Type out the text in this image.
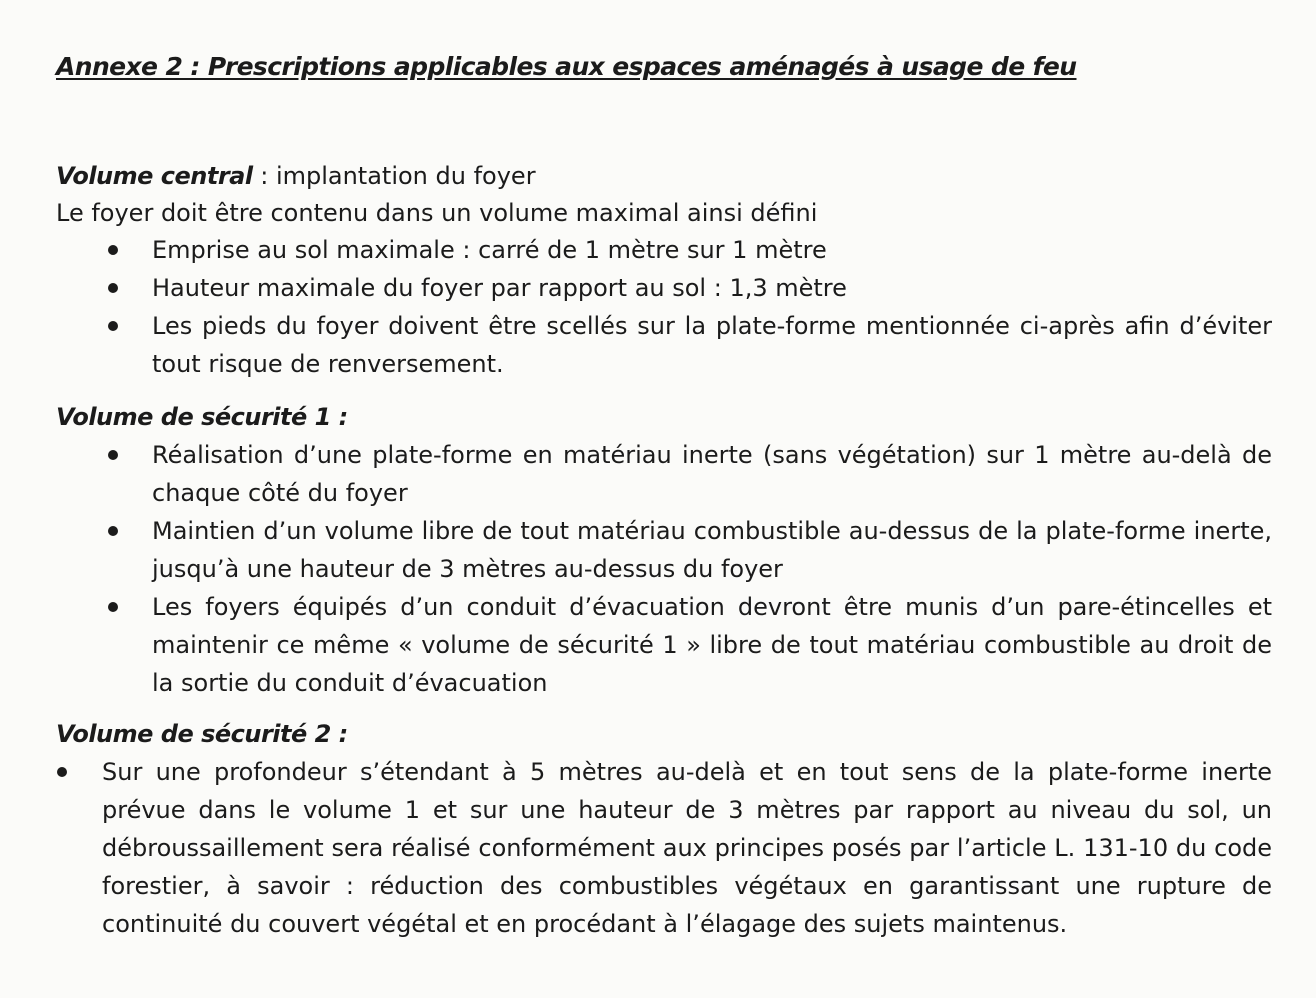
Annexe 2 : Prescriptions applicables aux espaces aménagés à usage de feu
Volume central : implantation du foyer
Le foyer doit être contenu dans un volume maximal ainsi défini
Emprise au sol maximale : carré de 1 mètre sur 1 mètre
Hauteur maximale du foyer par rapport au sol : 1,3 mètre
Les pieds du foyer doivent être scellés sur la plate-forme mentionnée ci-après afin d’éviter tout risque de renversement.
Volume de sécurité 1 :
Réalisation d’une plate-forme en matériau inerte (sans végétation) sur 1 mètre au-delà de chaque côté du foyer
Maintien d’un volume libre de tout matériau combustible au-dessus de la plate-forme inerte, jusqu’à une hauteur de 3 mètres au-dessus du foyer
Les foyers équipés d’un conduit d’évacuation devront être munis d’un pare-étincelles et maintenir ce même « volume de sécurité 1 » libre de tout matériau combustible au droit de la sortie du conduit d’évacuation
Volume de sécurité 2 :
Sur une profondeur s’étendant à 5 mètres au-delà et en tout sens de la plate-forme inerte prévue dans le volume 1 et sur une hauteur de 3 mètres par rapport au niveau du sol, un débroussaillement sera réalisé conformément aux principes posés par l’article L. 131-10 du code forestier, à savoir : réduction des combustibles végétaux en garantissant une rupture de continuité du couvert végétal et en procédant à l’élagage des sujets maintenus.
